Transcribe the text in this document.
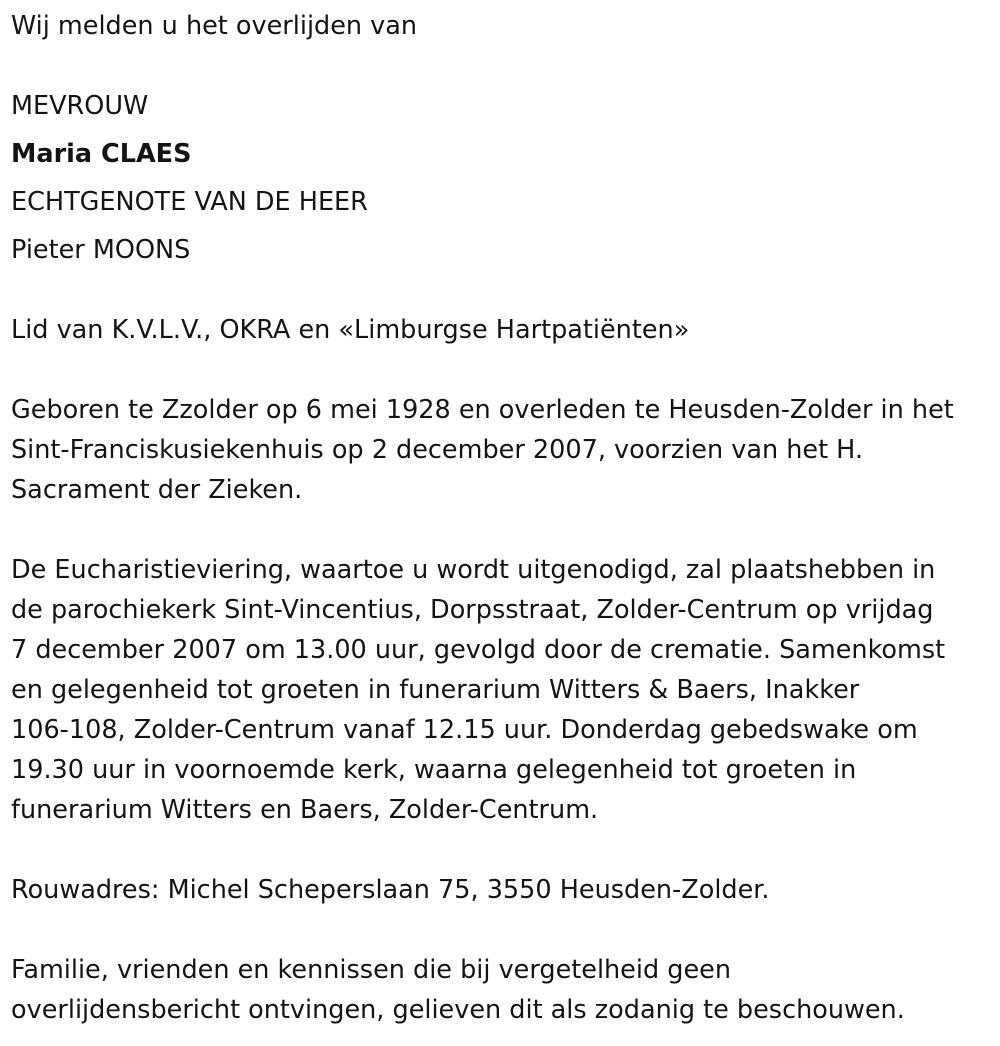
Wij melden u het overlijden van
MEVROUW
Maria CLAES
ECHTGENOTE VAN DE HEER
Pieter MOONS
Lid van K.V.L.V., OKRA en «Limburgse Hartpatiënten»
Geboren te Zzolder op 6 mei 1928 en overleden te Heusden-Zolder in het
Sint-Franciskusiekenhuis op 2 december 2007, voorzien van het H.
Sacrament der Zieken.
De Eucharistieviering, waartoe u wordt uitgenodigd, zal plaatshebben in
de parochiekerk Sint-Vincentius, Dorpsstraat, Zolder-Centrum op vrijdag
7 december 2007 om 13.00 uur, gevolgd door de crematie. Samenkomst
en gelegenheid tot groeten in funerarium Witters & Baers, Inakker
106-108, Zolder-Centrum vanaf 12.15 uur. Donderdag gebedswake om
19.30 uur in voornoemde kerk, waarna gelegenheid tot groeten in
funerarium Witters en Baers, Zolder-Centrum.
Rouwadres: Michel Scheperslaan 75, 3550 Heusden-Zolder.
Familie, vrienden en kennissen die bij vergetelheid geen
overlijdensbericht ontvingen, gelieven dit als zodanig te beschouwen.
